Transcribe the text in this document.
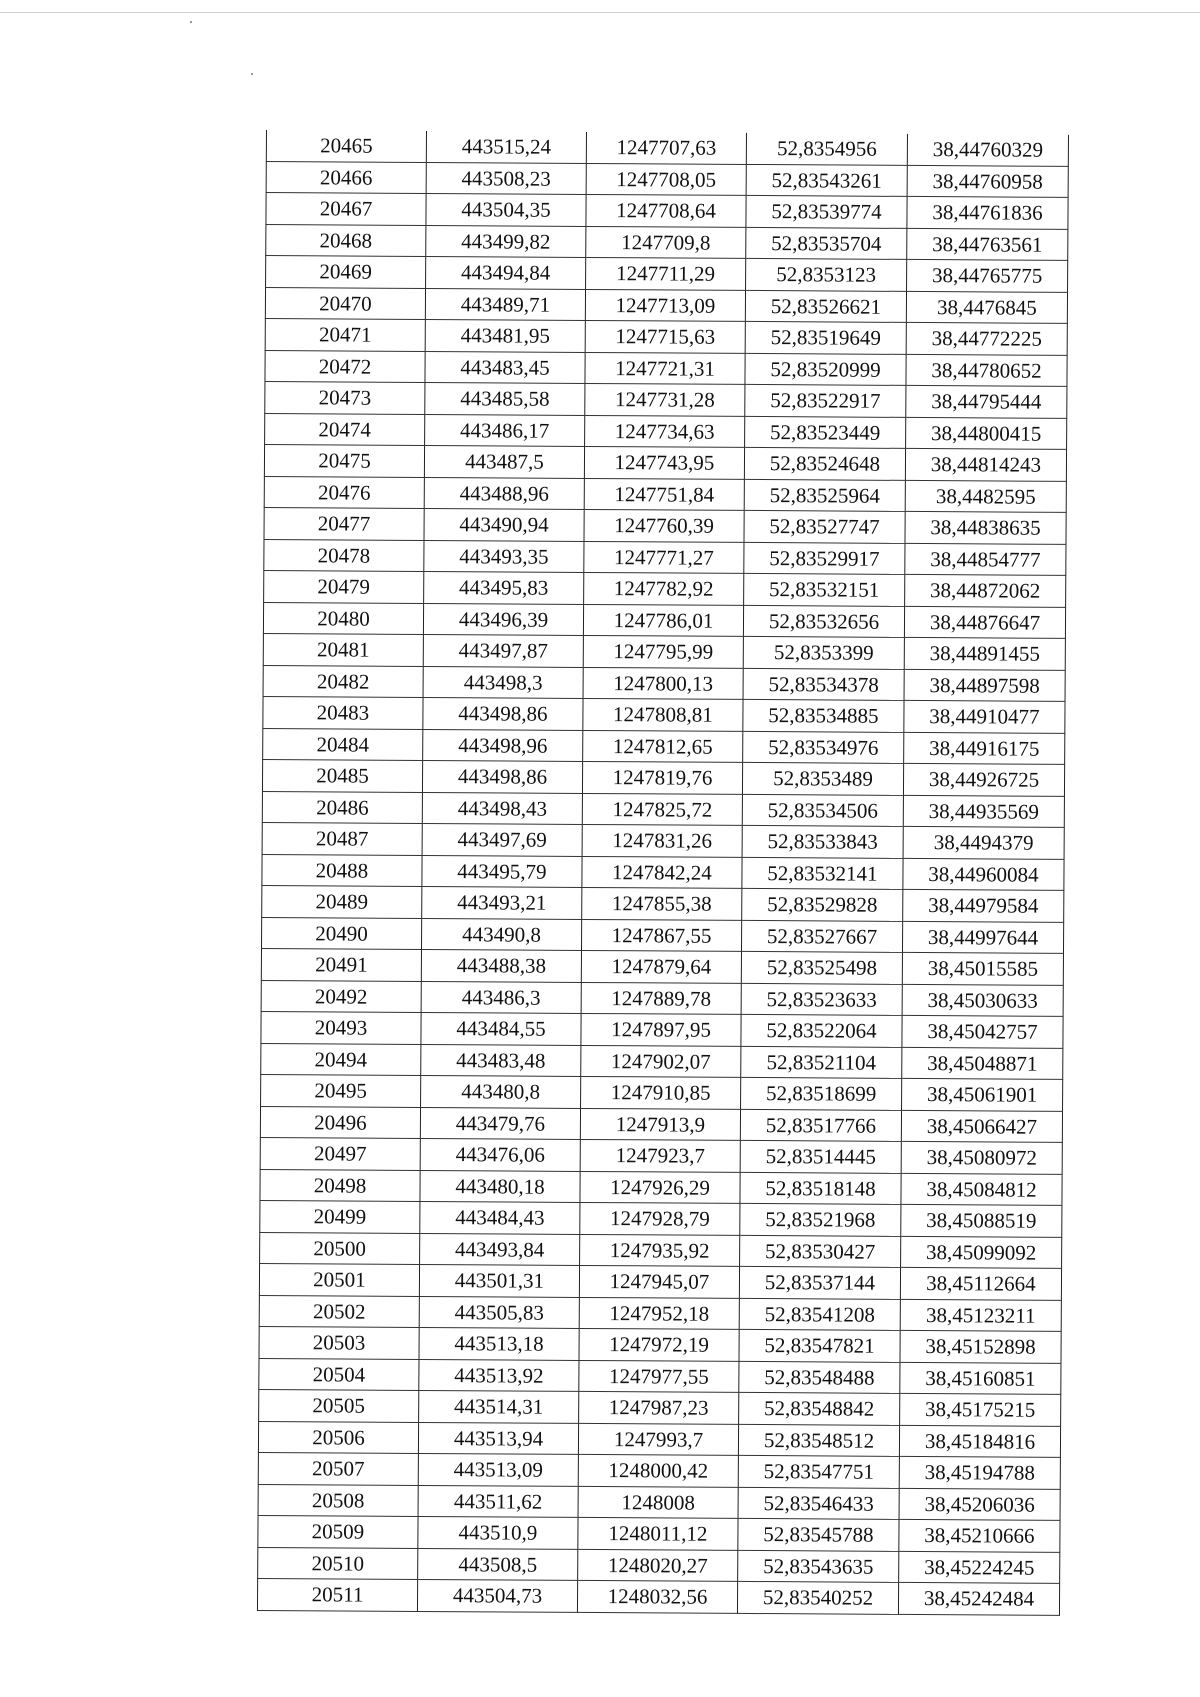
20465	443515,24	1247707,63	52,8354956	38,44760329
20466	443508,23	1247708,05	52,83543261	38,44760958
20467	443504,35	1247708,64	52,83539774	38,44761836
20468	443499,82	1247709,8	52,83535704	38,44763561
20469	443494,84	1247711,29	52,8353123	38,44765775
20470	443489,71	1247713,09	52,83526621	38,4476845
20471	443481,95	1247715,63	52,83519649	38,44772225
20472	443483,45	1247721,31	52,83520999	38,44780652
20473	443485,58	1247731,28	52,83522917	38,44795444
20474	443486,17	1247734,63	52,83523449	38,44800415
20475	443487,5	1247743,95	52,83524648	38,44814243
20476	443488,96	1247751,84	52,83525964	38,4482595
20477	443490,94	1247760,39	52,83527747	38,44838635
20478	443493,35	1247771,27	52,83529917	38,44854777
20479	443495,83	1247782,92	52,83532151	38,44872062
20480	443496,39	1247786,01	52,83532656	38,44876647
20481	443497,87	1247795,99	52,8353399	38,44891455
20482	443498,3	1247800,13	52,83534378	38,44897598
20483	443498,86	1247808,81	52,83534885	38,44910477
20484	443498,96	1247812,65	52,83534976	38,44916175
20485	443498,86	1247819,76	52,8353489	38,44926725
20486	443498,43	1247825,72	52,83534506	38,44935569
20487	443497,69	1247831,26	52,83533843	38,4494379
20488	443495,79	1247842,24	52,83532141	38,44960084
20489	443493,21	1247855,38	52,83529828	38,44979584
20490	443490,8	1247867,55	52,83527667	38,44997644
20491	443488,38	1247879,64	52,83525498	38,45015585
20492	443486,3	1247889,78	52,83523633	38,45030633
20493	443484,55	1247897,95	52,83522064	38,45042757
20494	443483,48	1247902,07	52,83521104	38,45048871
20495	443480,8	1247910,85	52,83518699	38,45061901
20496	443479,76	1247913,9	52,83517766	38,45066427
20497	443476,06	1247923,7	52,83514445	38,45080972
20498	443480,18	1247926,29	52,83518148	38,45084812
20499	443484,43	1247928,79	52,83521968	38,45088519
20500	443493,84	1247935,92	52,83530427	38,45099092
20501	443501,31	1247945,07	52,83537144	38,45112664
20502	443505,83	1247952,18	52,83541208	38,45123211
20503	443513,18	1247972,19	52,83547821	38,45152898
20504	443513,92	1247977,55	52,83548488	38,45160851
20505	443514,31	1247987,23	52,83548842	38,45175215
20506	443513,94	1247993,7	52,83548512	38,45184816
20507	443513,09	1248000,42	52,83547751	38,45194788
20508	443511,62	1248008	52,83546433	38,45206036
20509	443510,9	1248011,12	52,83545788	38,45210666
20510	443508,5	1248020,27	52,83543635	38,45224245
20511	443504,73	1248032,56	52,83540252	38,45242484
